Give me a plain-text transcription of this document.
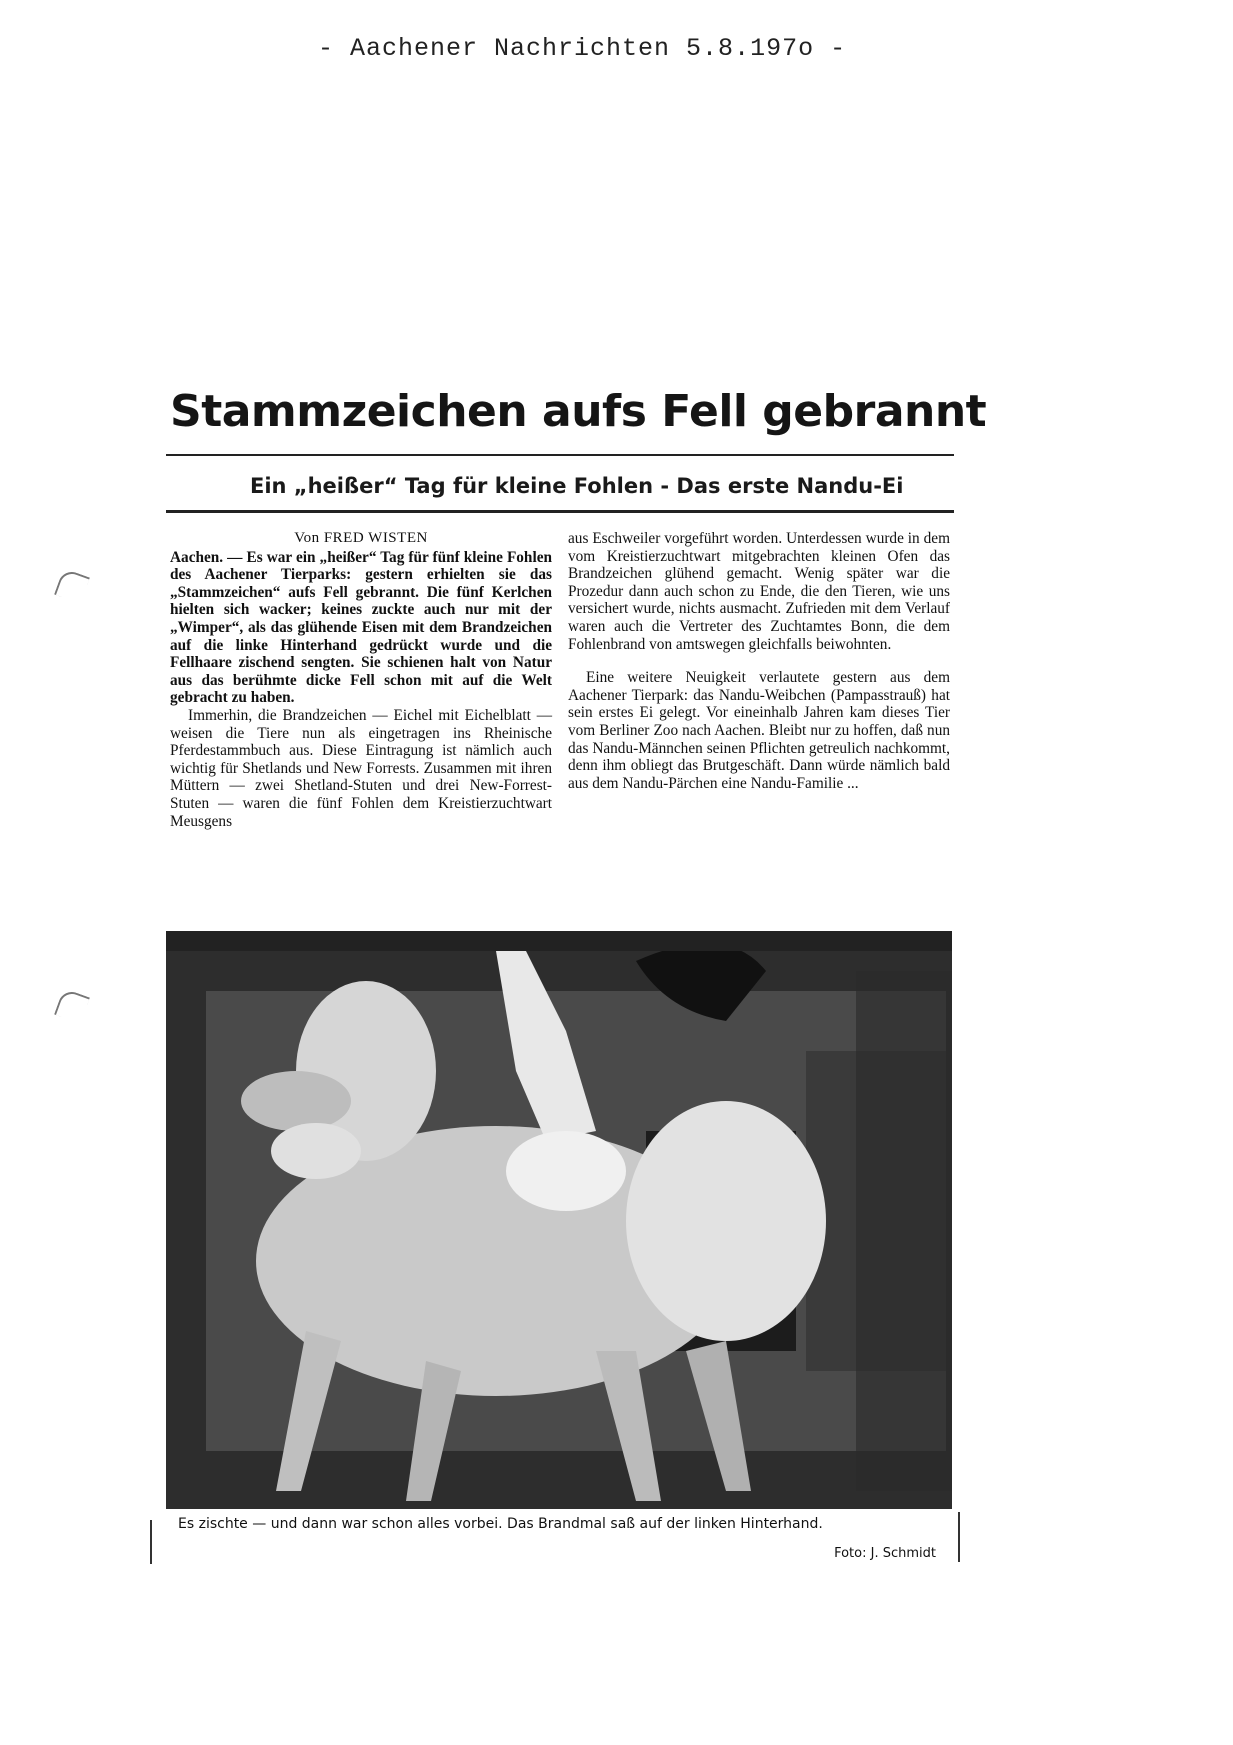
- Aachener Nachrichten 5.8.197o -
Stammzeichen aufs Fell gebrannt
Ein „heißer“ Tag für kleine Fohlen - Das erste Nandu-Ei
Von FRED WISTEN

Aachen. — Es war ein „heißer“ Tag für fünf kleine Fohlen des Aachener Tierparks: gestern erhielten sie das „Stammzeichen“ aufs Fell gebrannt. Die fünf Kerlchen hielten sich wacker; keines zuckte auch nur mit der „Wimper“, als das glühende Eisen mit dem Brandzeichen auf die linke Hinterhand gedrückt wurde und die Fellhaare zischend sengten. Sie schienen halt von Natur aus das berühmte dicke Fell schon mit auf die Welt gebracht zu haben.

Immerhin, die Brandzeichen — Eichel mit Eichelblatt — weisen die Tiere nun als eingetragen ins Rheinische Pferdestammbuch aus. Diese Eintragung ist nämlich auch wichtig für Shetlands und New Forrests. Zusammen mit ihren Müttern — zwei Shetland-Stuten und drei New-Forrest-Stuten — waren die fünf Fohlen dem Kreistierzuchtwart Meusgens

aus Eschweiler vorgeführt worden. Unterdessen wurde in dem vom Kreistierzuchtwart mitgebrachten kleinen Ofen das Brandzeichen glühend gemacht. Wenig später war die Prozedur dann auch schon zu Ende, die den Tieren, wie uns versichert wurde, nichts ausmacht. Zufrieden mit dem Verlauf waren auch die Vertreter des Zuchtamtes Bonn, die dem Fohlenbrand von amtswegen gleichfalls beiwohnten.

Eine weitere Neuigkeit verlautete gestern aus dem Aachener Tierpark: das Nandu-Weibchen (Pampasstrauß) hat sein erstes Ei gelegt. Vor eineinhalb Jahren kam dieses Tier vom Berliner Zoo nach Aachen. Bleibt nur zu hoffen, daß nun das Nandu-Männchen seinen Pflichten getreulich nachkommt, denn ihm obliegt das Brutgeschäft. Dann würde nämlich bald aus dem Nandu-Pärchen eine Nandu-Familie ...

Es zischte — und dann war schon alles vorbei. Das Brandmal saß auf der linken Hinterhand.
Foto: J. Schmidt
